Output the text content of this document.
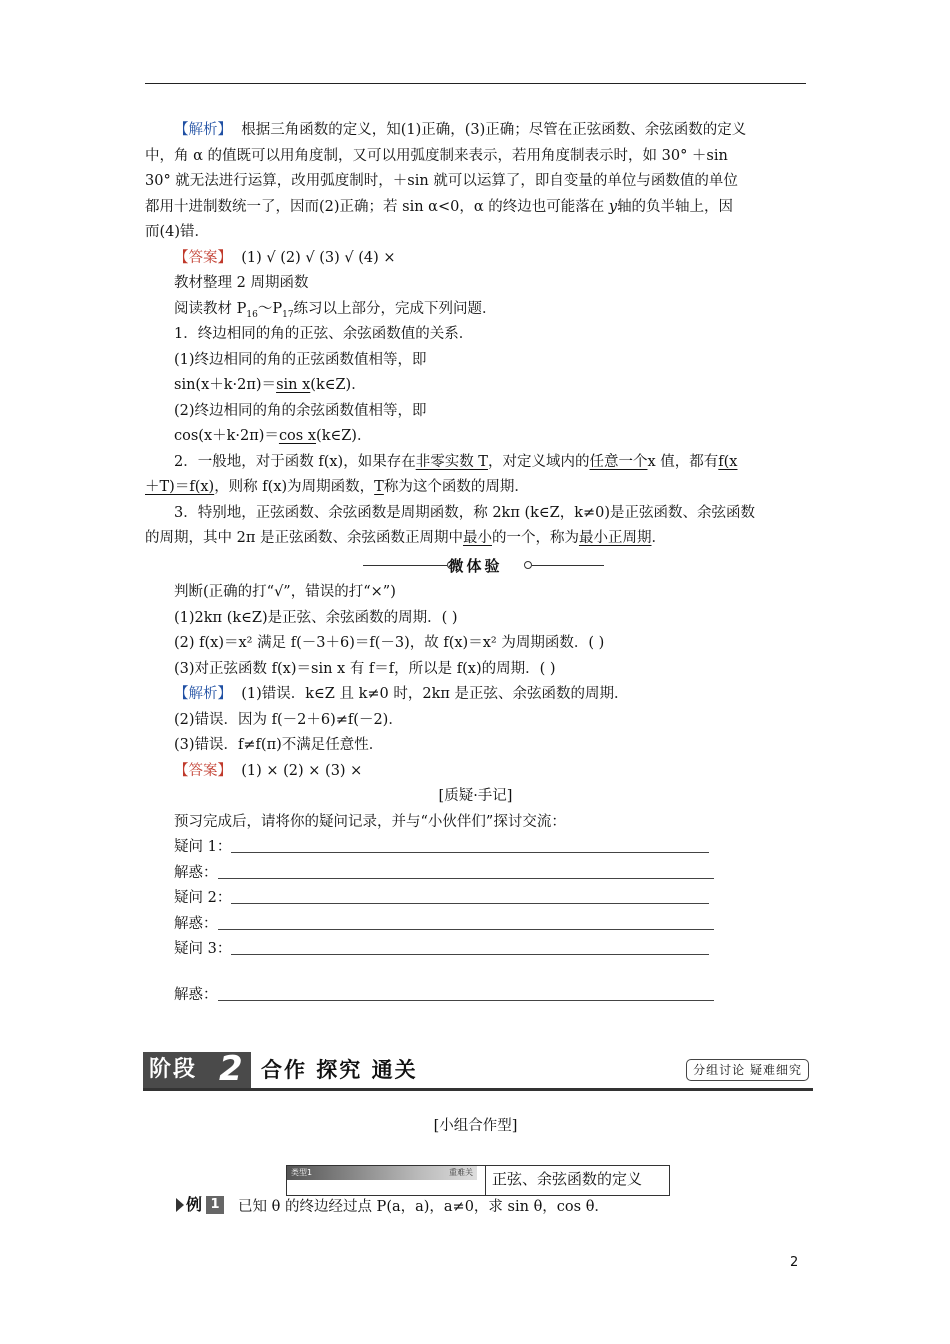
【解析】 根据三角函数的定义，知(1)正确，(3)正确；尽管在正弦函数、余弦函数的定义
中，角 α 的值既可以用角度制，又可以用弧度制来表示，若用角度制表示时，如 30° ＋sin
30° 就无法进行运算，改用弧度制时，＋sin 就可以运算了，即自变量的单位与函数值的单位
都用十进制数统一了，因而(2)正确；若 sin α<0，α 的终边也可能落在 y轴的负半轴上，因
而(4)错．
【答案】 (1) √ (2) √ (3) √ (4) ×
教材整理 2 周期函数
阅读教材 $P_{16}\sim P_{17}$练习以上部分，完成下列问题．
1．终边相同的角的正弦、余弦函数值的关系．
(1)终边相同的角的正弦函数值相等，即
sin(x＋k·2π)＝sin x(k∈Z)．
(2)终边相同的角的余弦函数值相等，即
cos(x＋k·2π)＝cos x(k∈Z)．
2．一般地，对于函数 f(x)，如果存在非零实数 T，对定义域内的任意一个x 值，都有f(x
＋T)＝f(x)，则称 f(x)为周期函数，T称为这个函数的周期．
3．特别地，正弦函数、余弦函数是周期函数，称 2kπ (k∈Z，k≠0)是正弦函数、余弦函数
的周期，其中 2π 是正弦函数、余弦函数正周期中最小的一个，称为最小正周期．
微体验
判断(正确的打“√”，错误的打“×”)
(1)2kπ (k∈Z)是正弦、余弦函数的周期．( )
(2) f(x)＝x² 满足 f(－3＋6)＝f(－3)，故 f(x)＝x² 为周期函数．( )
(3)对正弦函数 f(x)＝sin x 有 f＝f，所以是 f(x)的周期．( )
【解析】 (1)错误．k∈Z 且 k≠0 时，2kπ 是正弦、余弦函数的周期．
(2)错误．因为 f(－2＋6)≠f(－2)．
(3)错误．f≠f(π)不满足任意性．
【答案】 (1) × (2) × (3) ×
[质疑·手记]
预习完成后，请将你的疑问记录，并与“小伙伴们”探讨交流：
疑问 1：
解惑：
疑问 2：
解惑：
疑问 3：
解惑：
阶段 2 合作 探究 通关	分组讨论 疑难细究
[小组合作型]
类型1	重难关	正弦、余弦函数的定义
例 1	已知 θ 的终边经过点 P(a，a)，a≠0，求 sin θ，cos θ．
2
